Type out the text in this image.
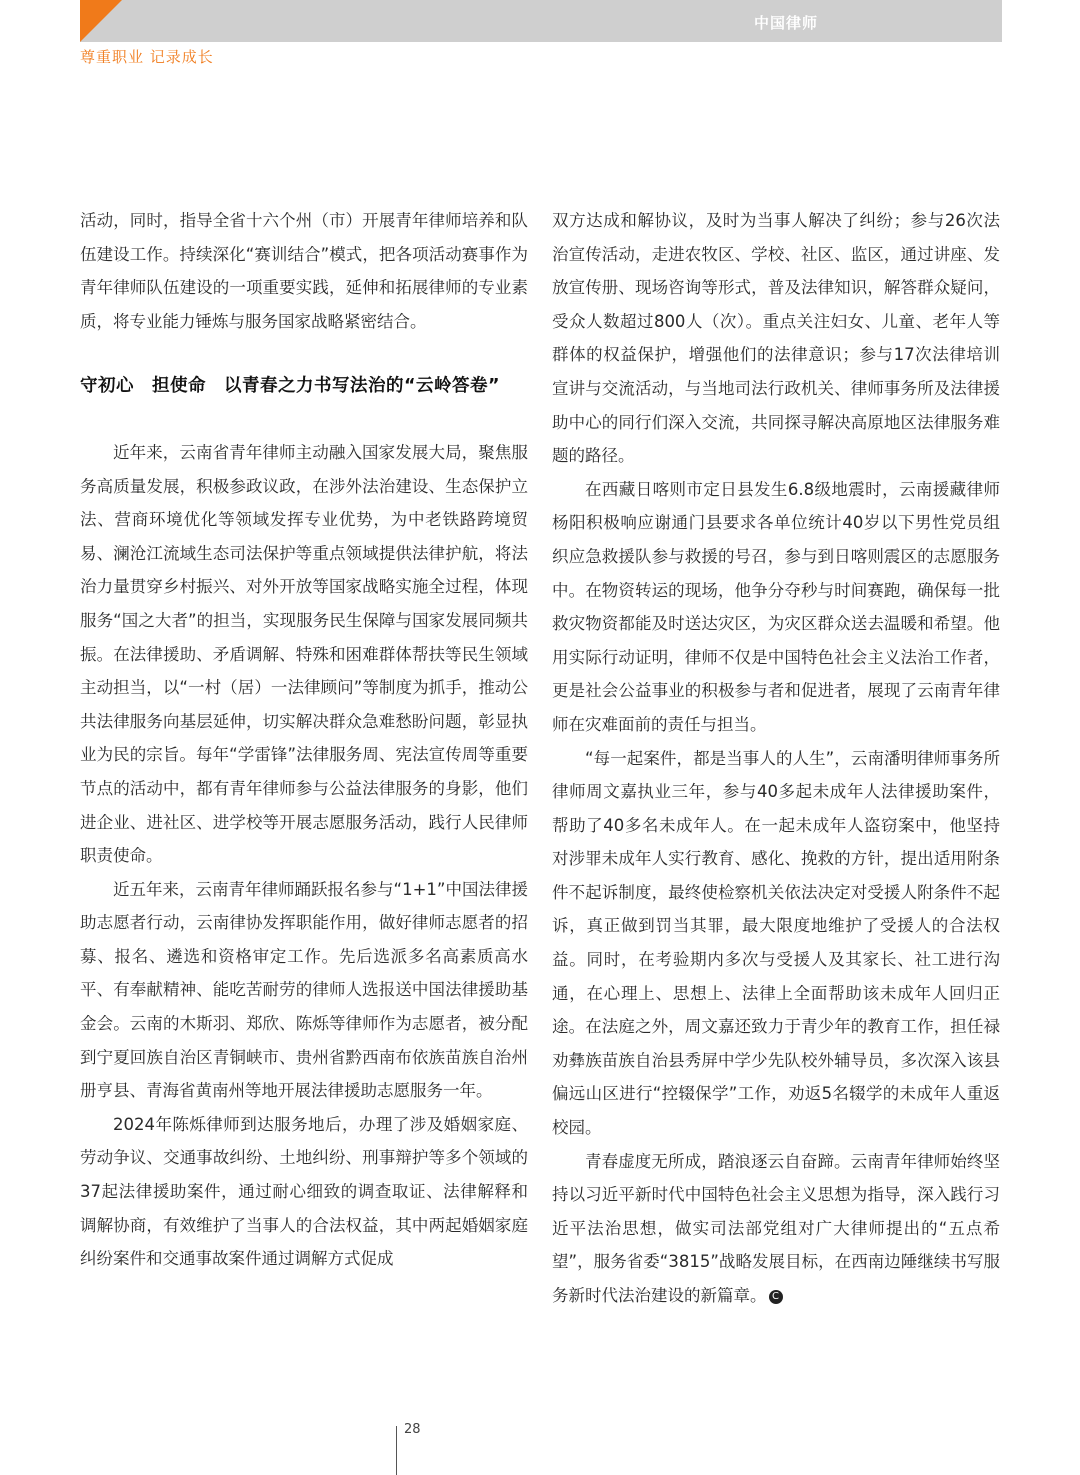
中国律师
尊重职业 记录成长

活动，同时，指导全省十六个州（市）开展青年律师培养和队伍建设工作。持续深化“赛训结合”模式，把各项活动赛事作为青年律师队伍建设的一项重要实践，延伸和拓展律师的专业素质，将专业能力锤炼与服务国家战略紧密结合。

守初心　担使命　以青春之力书写法治的“云岭答卷”

近年来，云南省青年律师主动融入国家发展大局，聚焦服务高质量发展，积极参政议政，在涉外法治建设、生态保护立法、营商环境优化等领域发挥专业优势，为中老铁路跨境贸易、澜沧江流域生态司法保护等重点领域提供法律护航，将法治力量贯穿乡村振兴、对外开放等国家战略实施全过程，体现服务“国之大者”的担当，实现服务民生保障与国家发展同频共振。在法律援助、矛盾调解、特殊和困难群体帮扶等民生领域主动担当，以“一村（居）一法律顾问”等制度为抓手，推动公共法律服务向基层延伸，切实解决群众急难愁盼问题，彰显执业为民的宗旨。每年“学雷锋”法律服务周、宪法宣传周等重要节点的活动中，都有青年律师参与公益法律服务的身影，他们进企业、进社区、进学校等开展志愿服务活动，践行人民律师职责使命。

近五年来，云南青年律师踊跃报名参与“1+1”中国法律援助志愿者行动，云南律协发挥职能作用，做好律师志愿者的招募、报名、遴选和资格审定工作。先后选派多名高素质高水平、有奉献精神、能吃苦耐劳的律师人选报送中国法律援助基金会。云南的木斯羽、郑欣、陈烁等律师作为志愿者，被分配到宁夏回族自治区青铜峡市、贵州省黔西南布依族苗族自治州册亨县、青海省黄南州等地开展法律援助志愿服务一年。

2024年陈烁律师到达服务地后，办理了涉及婚姻家庭、劳动争议、交通事故纠纷、土地纠纷、刑事辩护等多个领域的37起法律援助案件，通过耐心细致的调查取证、法律解释和调解协商，有效维护了当事人的合法权益，其中两起婚姻家庭纠纷案件和交通事故案件通过调解方式促成

双方达成和解协议，及时为当事人解决了纠纷；参与26次法治宣传活动，走进农牧区、学校、社区、监区，通过讲座、发放宣传册、现场咨询等形式，普及法律知识，解答群众疑问，受众人数超过800人（次）。重点关注妇女、儿童、老年人等群体的权益保护，增强他们的法律意识；参与17次法律培训宣讲与交流活动，与当地司法行政机关、律师事务所及法律援助中心的同行们深入交流，共同探寻解决高原地区法律服务难题的路径。

在西藏日喀则市定日县发生6.8级地震时，云南援藏律师杨阳积极响应谢通门县要求各单位统计40岁以下男性党员组织应急救援队参与救援的号召，参与到日喀则震区的志愿服务中。在物资转运的现场，他争分夺秒与时间赛跑，确保每一批救灾物资都能及时送达灾区，为灾区群众送去温暖和希望。他用实际行动证明，律师不仅是中国特色社会主义法治工作者，更是社会公益事业的积极参与者和促进者，展现了云南青年律师在灾难面前的责任与担当。

“每一起案件，都是当事人的人生”，云南潘明律师事务所律师周文嘉执业三年，参与40多起未成年人法律援助案件，帮助了40多名未成年人。在一起未成年人盗窃案中，他坚持对涉罪未成年人实行教育、感化、挽救的方针，提出适用附条件不起诉制度，最终使检察机关依法决定对受援人附条件不起诉，真正做到罚当其罪，最大限度地维护了受援人的合法权益。同时，在考验期内多次与受援人及其家长、社工进行沟通，在心理上、思想上、法律上全面帮助该未成年人回归正途。在法庭之外，周文嘉还致力于青少年的教育工作，担任禄劝彝族苗族自治县秀屏中学少先队校外辅导员，多次深入该县偏远山区进行“控辍保学”工作，劝返5名辍学的未成年人重返校园。

青春虚度无所成，踏浪逐云自奋蹄。云南青年律师始终坚持以习近平新时代中国特色社会主义思想为指导，深入践行习近平法治思想，做实司法部党组对广大律师提出的“五点希望”，服务省委“3815”战略发展目标，在西南边陲继续书写服务新时代法治建设的新篇章。 C

28
